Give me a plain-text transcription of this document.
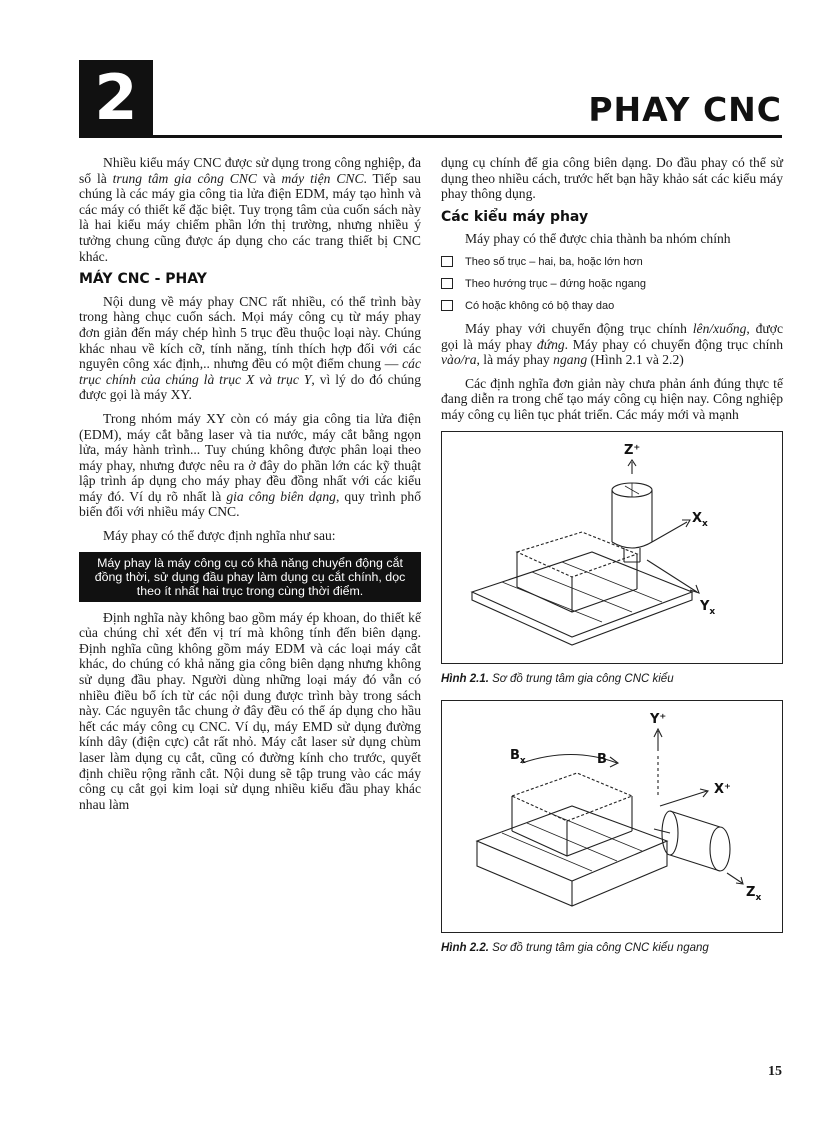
2	PHAY CNC

Nhiều kiểu máy CNC được sử dụng trong công nghiệp, đa số là trung tâm gia công CNC và máy tiện CNC. Tiếp sau chúng là các máy gia công tia lửa điện EDM, máy tạo hình và các máy có thiết kế đặc biệt. Tuy trọng tâm của cuốn sách này là hai kiểu máy chiếm phần lớn thị trường, nhưng nhiều ý tưởng chung cũng được áp dụng cho các trang thiết bị CNC khác.

MÁY CNC - PHAY

Nội dung về máy phay CNC rất nhiều, có thể trình bày trong hàng chục cuốn sách. Mọi máy công cụ từ máy phay đơn giản đến máy chép hình 5 trục đều thuộc loại này. Chúng khác nhau về kích cỡ, tính năng, tính thích hợp đối với các nguyên công xác định,.. nhưng đều có một điểm chung — các trục chính của chúng là trục X và trục Y, vì lý do đó chúng được gọi là máy XY.

Trong nhóm máy XY còn có máy gia công tia lửa điện (EDM), máy cắt bằng laser và tia nước, máy cắt bằng ngọn lửa, máy hành trình... Tuy chúng không được phân loại theo máy phay, nhưng được nêu ra ở đây do phần lớn các kỹ thuật lập trình áp dụng cho máy phay đều đồng nhất với các kiểu máy đó. Ví dụ rõ nhất là gia công biên dạng, quy trình phổ biến đối với nhiều máy CNC.

Máy phay có thể được định nghĩa như sau:

Máy phay là máy công cụ có khả năng chuyển động cắt đồng thời, sử dụng đầu phay làm dụng cụ cắt chính, dọc theo ít nhất hai trục trong cùng thời điểm.

Định nghĩa này không bao gồm máy ép khoan, do thiết kế của chúng chỉ xét đến vị trí mà không tính đến biên dạng. Định nghĩa cũng không gồm máy EDM và các loại máy cắt khác, do chúng có khả năng gia công biên dạng nhưng không sử dụng đầu phay. Người dùng những loại máy đó vẫn có nhiều điều bổ ích từ các nội dung được trình bày trong sách này. Các nguyên tắc chung ở đây đều có thể áp dụng cho hầu hết các máy công cụ CNC. Ví dụ, máy EMD sử dụng đường kính dây (điện cực) cắt rất nhỏ. Máy cắt laser sử dụng chùm laser làm dụng cụ cắt, cũng có đường kính cho trước, quyết định chiều rộng rãnh cắt. Nội dung sẽ tập trung vào các máy công cụ cắt gọi kim loại sử dụng nhiều kiểu đầu phay khác nhau làm

dụng cụ chính để gia công biên dạng. Do đầu phay có thể sử dụng theo nhiều cách, trước hết bạn hãy khảo sát các kiểu máy phay thông dụng.

Các kiểu máy phay

Máy phay có thể được chia thành ba nhóm chính

Theo số trục – hai, ba, hoặc lớn hơn
Theo hướng trục – đứng hoặc ngang
Có hoặc không có bộ thay dao

Máy phay với chuyển động trục chính lên/xuống, được gọi là máy phay đứng. Máy phay có chuyển động trục chính vào/ra, là máy phay ngang (Hình 2.1 và 2.2)

Các định nghĩa đơn giản này chưa phản ánh đúng thực tế đang diễn ra trong chế tạo máy công cụ hiện nay. Công nghiệp máy công cụ liên tục phát triển. Các máy mới và mạnh

Z⁺
$X_x$
$Y_x$
Hình 2.1. Sơ đồ trung tâm gia công CNC kiểu
Y⁺
X⁺
$B_x$	B
$Z_x$
Hình 2.2. Sơ đồ trung tâm gia công CNC kiểu ngang
15
